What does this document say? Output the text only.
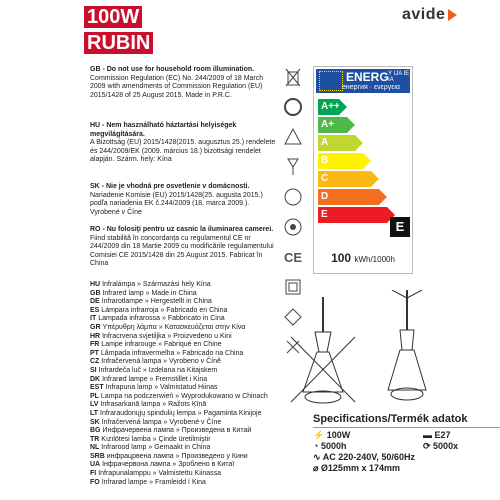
100W
RUBIN
avide
GB - Do not use for household room illumination.
Commission Regulation (EC) No. 244/2009 of 18 March 2009 with amendments of Commission Regulation (EU) 2015/1428 of 25 August 2015. Made in P.R.C.
HU - Nem használható háztartási helyiségek megvilágítására.
A Bizottság (EU) 2015/1428(2015. augusztus 25.) rendelete és 244/2009/EK (2009. március 18.) bizottsági rendelet alapján. Szárm. hely: Kína
SK - Nie je vhodná pre osvetlenie v domácnosti.
Nariadenie Komisie (EU) 2015/1428(25. augusta 2015.) podľa nariadenia EK č.244/2009 (18. marca 2009.). Vyrobené v Číne
RO - Nu folosiţi pentru uz casnic la iluminarea camerei.
Fiind stabilită în concordanţa cu regulamentul CE nr 244/2009 din 18 Martie 2009 cu modificările regulamentului Comisiei CE 2015/1428 din 25 August 2015. Fabricat în China
HU Infralámpa » Származási hely Kína
GB Infrared lamp » Made in China
DE Infrarotlampe » Hergestellt in China
ES Lámpara infrarroja » Fabricado en China
IT Lampada infrarossa » Fabbricato in Cina
GR Υπέρυθρη λάμπα » Κατασκευάζεται στην Κίνα
HR Infracrvena svjetiljka » Proizvedeno u Kini
FR Lampe infrarouge » Fabriqué en Chine
PT Lâmpada infravermelha » Fabricado na China
CZ Infračervená lampa » Vyrobeno v Číně
SI Infrardeča luč » Izdelana na Kitajskem
DK Infrarød lampe » Fremstillet i Kina
EST Infrapuna lamp » Valmistatud Hiinas
PL Lampa na podczerwień » Wyprodukowano w Chinach
LV Infrasarkanā lampa » Ražots Ķīnā
LT Infraraudonųjų spindulių lempa » Pagaminta Kinijoje
SK Infračervená lampa » Vyrobené v Číne
BG Инфрачервена лампа » Произведена в Китай
TR Kızılötesi lamba » Çinde üretilmiştir
NL Infrarood lamp » Gemaakt in China
SRB инфрацрвена лампа » Произведено у Кини
UA Інфрачервона лампа » Зроблено в Китаї
FI Infrapunalamppu » Valmistettu Kiinassa
FO Infrarød lampe » Framleidd í Kina
CE
ENERG Y IJA IE IA
енергия · ενεργεια
A++
A+
A
B
C
D
E
E
100 kWh/1000h
Specifications/Termék adatok
⚡ 100W	▬ E27
◔ 5000h	⟳ 5000x
∿ AC 220-240V, 50/60Hz
⌀ Ø125mm x 174mm
